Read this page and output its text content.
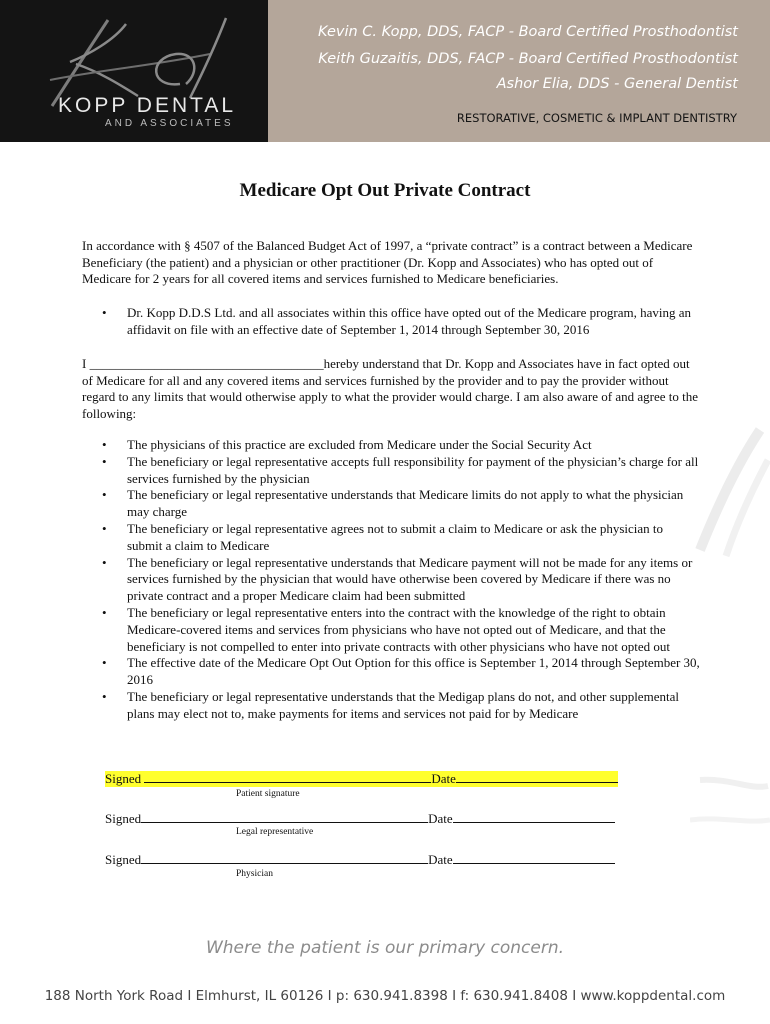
KOPP DENTAL
AND ASSOCIATES
Kevin C. Kopp, DDS, FACP - Board Certified Prosthodontist
Keith Guzaitis, DDS, FACP - Board Certified Prosthodontist
Ashor Elia, DDS - General Dentist
RESTORATIVE, COSMETIC & IMPLANT DENTISTRY
Medicare Opt Out Private Contract

In accordance with § 4507 of the Balanced Budget Act of 1997, a “private contract” is a contract between a Medicare Beneficiary (the patient) and a physician or other practitioner (Dr. Kopp and Associates) who has opted out of Medicare for 2 years for all covered items and services furnished to Medicare beneficiaries.

• Dr. Kopp D.D.S Ltd. and all associates within this office have opted out of the Medicare program, having an affidavit on file with an effective date of September 1, 2014 through September 30, 2016

I ____________________________________hereby understand that Dr. Kopp and Associates have in fact opted out of Medicare for all and any covered items and services furnished by the provider and to pay the provider without regard to any limits that would otherwise apply to what the provider would charge. I am also aware of and agree to the following:

• The physicians of this practice are excluded from Medicare under the Social Security Act
• The beneficiary or legal representative accepts full responsibility for payment of the physician’s charge for all services furnished by the physician
• The beneficiary or legal representative understands that Medicare limits do not apply to what the physician may charge
• The beneficiary or legal representative agrees not to submit a claim to Medicare or ask the physician to submit a claim to Medicare
• The beneficiary or legal representative understands that Medicare payment will not be made for any items or services furnished by the physician that would have otherwise been covered by Medicare if there was no private contract and a proper Medicare claim had been submitted
• The beneficiary or legal representative enters into the contract with the knowledge of the right to obtain Medicare-covered items and services from physicians who have not opted out of Medicare, and that the beneficiary is not compelled to enter into private contracts with other physicians who have not opted out
• The effective date of the Medicare Opt Out Option for this office is September 1, 2014 through September 30, 2016
• The beneficiary or legal representative understands that the Medigap plans do not, and other supplemental plans may elect not to, make payments for items and services not paid for by Medicare
Signed	Date
Patient signature
Signed	Date
Legal representative
Signed	Date
Physician
Where the patient is our primary concern.
188 North York Road I Elmhurst, IL 60126 I p: 630.941.8398 I f: 630.941.8408 I www.koppdental.com
